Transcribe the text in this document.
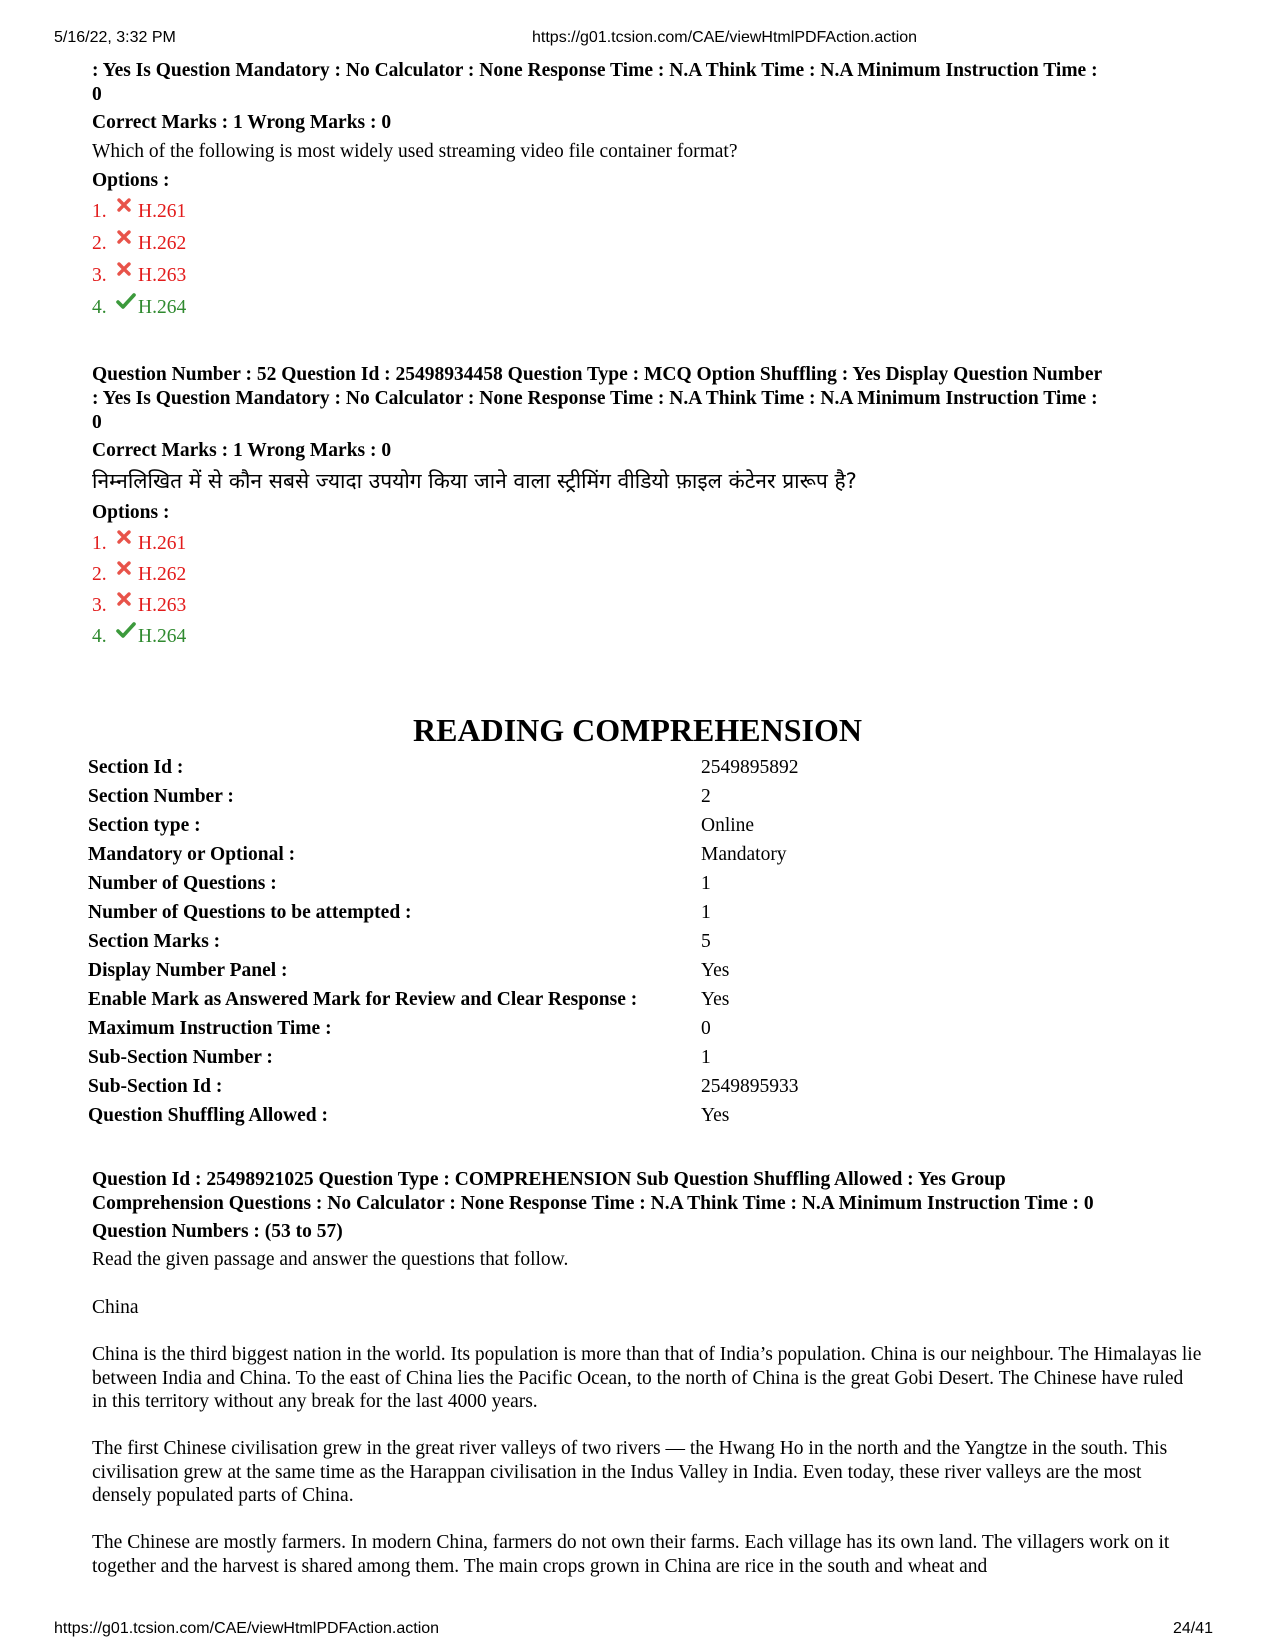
5/16/22, 3:32 PM	https://g01.tcsion.com/CAE/viewHtmlPDFAction.action
: Yes Is Question Mandatory : No Calculator : None Response Time : N.A Think Time : N.A Minimum Instruction Time :
0
Correct Marks : 1 Wrong Marks : 0
Which of the following is most widely used streaming video file container format?
Options :
1.	H.261
2.	H.262
3.	H.263
4.	H.264
Question Number : 52 Question Id : 25498934458 Question Type : MCQ Option Shuffling : Yes Display Question Number
: Yes Is Question Mandatory : No Calculator : None Response Time : N.A Think Time : N.A Minimum Instruction Time :
0
Correct Marks : 1 Wrong Marks : 0
निम्नलिखित में से कौन सबसे ज्यादा उपयोग किया जाने वाला स्ट्रीमिंग वीडियो फ़ाइल कंटेनर प्रारूप है?
Options :
1.	H.261
2.	H.262
3.	H.263
4.	H.264
READING COMPREHENSION
Section Id :	2549895892
Section Number :	2
Section type :	Online
Mandatory or Optional :	Mandatory
Number of Questions :	1
Number of Questions to be attempted :	1
Section Marks :	5
Display Number Panel :	Yes
Enable Mark as Answered Mark for Review and Clear Response :	Yes
Maximum Instruction Time :	0
Sub-Section Number :	1
Sub-Section Id :	2549895933
Question Shuffling Allowed :	Yes
Question Id : 25498921025 Question Type : COMPREHENSION Sub Question Shuffling Allowed : Yes Group
Comprehension Questions : No Calculator : None Response Time : N.A Think Time : N.A Minimum Instruction Time : 0
Question Numbers : (53 to 57)
Read the given passage and answer the questions that follow.
China
China is the third biggest nation in the world. Its population is more than that of India’s population. China is our neighbour. The Himalayas lie between India and China. To the east of China lies the Pacific Ocean, to the north of China is the great Gobi Desert. The Chinese have ruled in this territory without any break for the last 4000 years.
The first Chinese civilisation grew in the great river valleys of two rivers — the Hwang Ho in the north and the Yangtze in the south. This civilisation grew at the same time as the Harappan civilisation in the Indus Valley in India. Even today, these river valleys are the most densely populated parts of China.
The Chinese are mostly farmers. In modern China, farmers do not own their farms. Each village has its own land. The villagers work on it together and the harvest is shared among them. The main crops grown in China are rice in the south and wheat and
https://g01.tcsion.com/CAE/viewHtmlPDFAction.action	24/41
